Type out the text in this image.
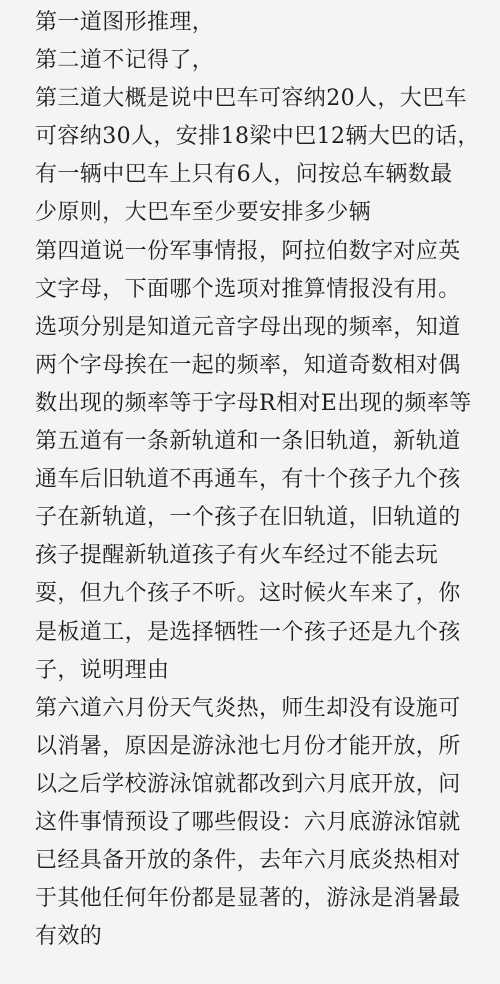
第一道图形推理，
第二道不记得了，
第三道大概是说中巴车可容纳20人，大巴车
可容纳30人，安排18梁中巴12辆大巴的话，
有一辆中巴车上只有6人，问按总车辆数最
少原则，大巴车至少要安排多少辆
第四道说一份军事情报，阿拉伯数字对应英
文字母，下面哪个选项对推算情报没有用。
选项分别是知道元音字母出现的频率，知道
两个字母挨在一起的频率，知道奇数相对偶
数出现的频率等于字母R相对E出现的频率等
第五道有一条新轨道和一条旧轨道，新轨道
通车后旧轨道不再通车，有十个孩子九个孩
子在新轨道，一个孩子在旧轨道，旧轨道的
孩子提醒新轨道孩子有火车经过不能去玩
耍，但九个孩子不听。这时候火车来了，你
是板道工，是选择牺牲一个孩子还是九个孩
子，说明理由
第六道六月份天气炎热，师生却没有设施可
以消暑，原因是游泳池七月份才能开放，所
以之后学校游泳馆就都改到六月底开放，问
这件事情预设了哪些假设：六月底游泳馆就
已经具备开放的条件，去年六月底炎热相对
于其他任何年份都是显著的，游泳是消暑最
有效的
